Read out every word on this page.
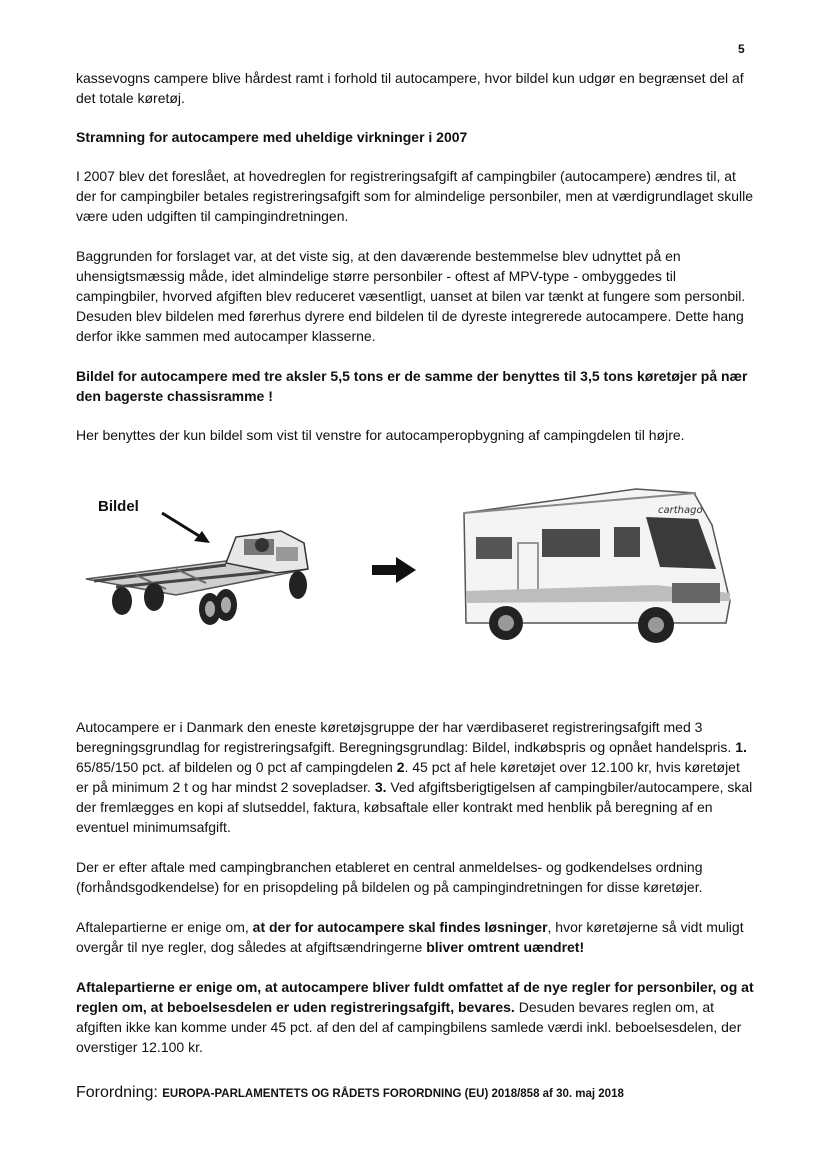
5

kassevogns campere blive hårdest ramt i forhold til autocampere, hvor bildel kun udgør en begrænset del af det totale køretøj.

Stramning for autocampere med uheldige virkninger i 2007

I 2007 blev det foreslået, at hovedreglen for registreringsafgift af campingbiler (autocampere) ændres til, at der for campingbiler betales registreringsafgift som for almindelige personbiler, men at værdigrundlaget skulle være uden udgiften til campingindretningen.

Baggrunden for forslaget var, at det viste sig, at den daværende bestemmelse blev udnyttet på en uhensigtsmæssig måde, idet almindelige større personbiler - oftest af MPV-type - ombyggedes til campingbiler, hvorved afgiften blev reduceret væsentligt, uanset at bilen var tænkt at fungere som personbil. Desuden blev bildelen med førerhus dyrere end bildelen til de dyreste integrerede autocampere. Dette hang derfor ikke sammen med autocamper klasserne.

Bildel for autocampere med tre aksler 5,5 tons er de samme der benyttes til 3,5 tons køretøjer på nær den bagerste chassisramme !

Her benyttes der kun bildel som vist til venstre for autocamperopbygning af campingdelen til højre.

Bildel	carthago

Autocampere er i Danmark den eneste køretøjsgruppe der har værdibaseret registreringsafgift med 3 beregningsgrundlag for registreringsafgift. Beregningsgrundlag: Bildel, indkøbspris og opnået handelspris. 1. 65/85/150 pct. af bildelen og 0 pct af campingdelen 2. 45 pct af hele køretøjet over 12.100 kr, hvis køretøjet er på minimum 2 t og har mindst 2 sovepladser. 3. Ved afgiftsberigtigelsen af campingbiler/autocampere, skal der fremlægges en kopi af slutseddel, faktura, købsaftale eller kontrakt med henblik på beregning af en eventuel minimumsafgift.

Der er efter aftale med campingbranchen etableret en central anmeldelses- og godkendelses ordning (forhåndsgodkendelse) for en prisopdeling på bildelen og på campingindretningen for disse køretøjer.

Aftalepartierne er enige om, at der for autocampere skal findes løsninger, hvor køretøjerne så vidt muligt overgår til nye regler, dog således at afgiftsændringerne bliver omtrent uændret!

Aftalepartierne er enige om, at autocampere bliver fuldt omfattet af de nye regler for personbiler, og at reglen om, at beboelsesdelen er uden registreringsafgift, bevares. Desuden bevares reglen om, at afgiften ikke kan komme under 45 pct. af den del af campingbilens samlede værdi inkl. beboelsesdelen, der overstiger 12.100 kr.

Forordning: EUROPA-PARLAMENTETS OG RÅDETS FORORDNING (EU) 2018/858 af 30. maj 2018
